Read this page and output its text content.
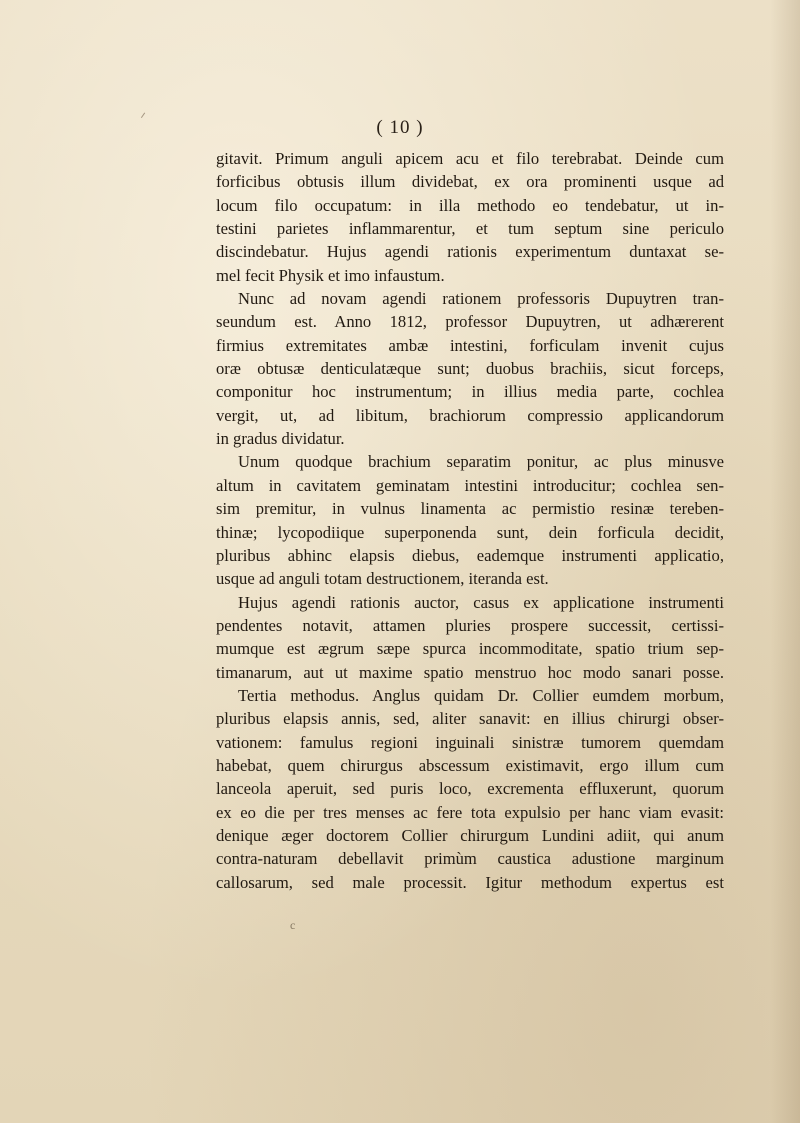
( 10 )
gitavit. Primum anguli apicem acu et filo terebrabat. Deinde cum
forficibus obtusis illum dividebat, ex ora prominenti usque ad
locum filo occupatum: in illa methodo eo tendebatur, ut in-
testini parietes inflammarentur, et tum septum sine periculo
discindebatur. Hujus agendi rationis experimentum duntaxat se-
mel fecit Physik et imo infaustum.
Nunc ad novam agendi rationem professoris Dupuytren tran-
seundum est. Anno 1812, professor Dupuytren, ut adhærerent
firmius extremitates ambæ intestini, forficulam invenit cujus
oræ obtusæ denticulatæque sunt; duobus brachiis, sicut forceps,
componitur hoc instrumentum; in illius media parte, cochlea
vergit, ut, ad libitum, brachiorum compressio applicandorum
in gradus dividatur.
Unum quodque brachium separatim ponitur, ac plus minusve
altum in cavitatem geminatam intestini introducitur; cochlea sen-
sim premitur, in vulnus linamenta ac permistio resinæ tereben-
thinæ; lycopodiique superponenda sunt, dein forficula decidit,
pluribus abhinc elapsis diebus, eademque instrumenti applicatio,
usque ad anguli totam destructionem, iteranda est.
Hujus agendi rationis auctor, casus ex applicatione instrumenti
pendentes notavit, attamen pluries prospere successit, certissi-
mumque est ægrum sæpe spurca incommoditate, spatio trium sep-
timanarum, aut ut maxime spatio menstruo hoc modo sanari posse.
Tertia methodus. Anglus quidam Dr. Collier eumdem morbum,
pluribus elapsis annis, sed, aliter sanavit: en illius chirurgi obser-
vationem: famulus regioni inguinali sinistræ tumorem quemdam
habebat, quem chirurgus abscessum existimavit, ergo illum cum
lanceola aperuit, sed puris loco, excrementa effluxerunt, quorum
ex eo die per tres menses ac fere tota expulsio per hanc viam evasit:
denique æger doctorem Collier chirurgum Lundini adiit, qui anum
contra-naturam debellavit primùm caustica adustione marginum
callosarum, sed male processit. Igitur methodum expertus est
c
